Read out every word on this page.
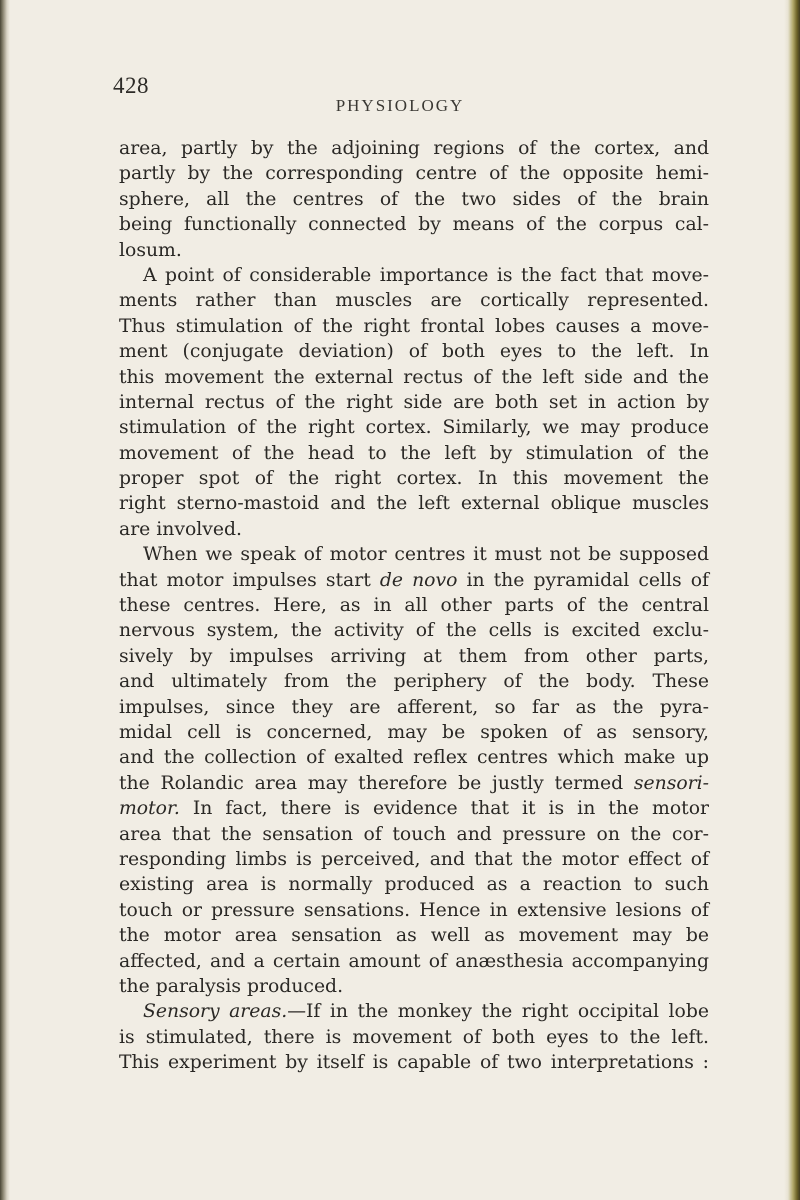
428
PHYSIOLOGY
area, partly by the adjoining regions of the cortex, and
partly by the corresponding centre of the opposite hemi-
sphere, all the centres of the two sides of the brain
being functionally connected by means of the corpus cal-
losum.
A point of considerable importance is the fact that move-
ments rather than muscles are cortically represented.
Thus stimulation of the right frontal lobes causes a move-
ment (conjugate deviation) of both eyes to the left. In
this movement the external rectus of the left side and the
internal rectus of the right side are both set in action by
stimulation of the right cortex. Similarly, we may produce
movement of the head to the left by stimulation of the
proper spot of the right cortex. In this movement the
right sterno-mastoid and the left external oblique muscles
are involved.
When we speak of motor centres it must not be supposed
that motor impulses start de novo in the pyramidal cells of
these centres. Here, as in all other parts of the central
nervous system, the activity of the cells is excited exclu-
sively by impulses arriving at them from other parts,
and ultimately from the periphery of the body. These
impulses, since they are afferent, so far as the pyra-
midal cell is concerned, may be spoken of as sensory,
and the collection of exalted reflex centres which make up
the Rolandic area may therefore be justly termed sensori-
motor. In fact, there is evidence that it is in the motor
area that the sensation of touch and pressure on the cor-
responding limbs is perceived, and that the motor effect of
existing area is normally produced as a reaction to such
touch or pressure sensations. Hence in extensive lesions of
the motor area sensation as well as movement may be
affected, and a certain amount of anæsthesia accompanying
the paralysis produced.
Sensory areas.—If in the monkey the right occipital lobe
is stimulated, there is movement of both eyes to the left.
This experiment by itself is capable of two interpretations :
